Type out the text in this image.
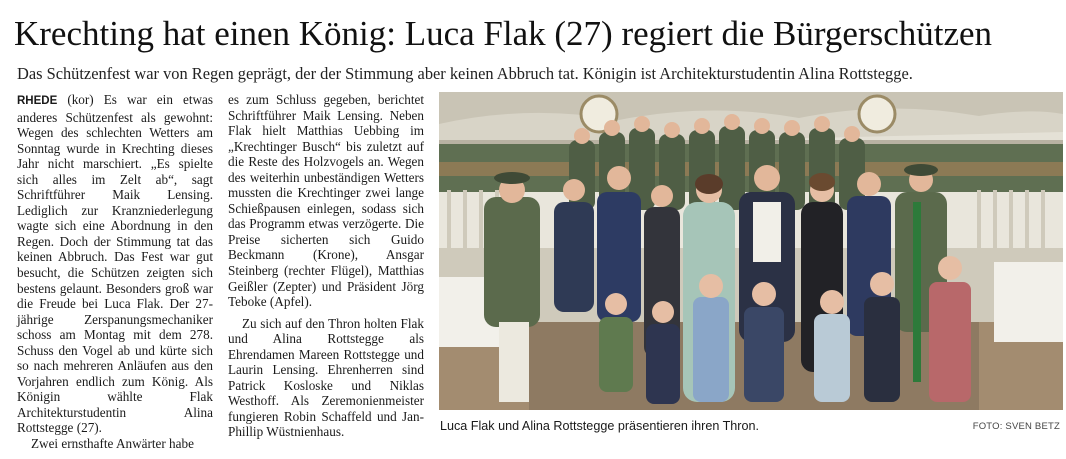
Krechting hat einen König: Luca Flak (27) regiert die Bürgerschützen
Das Schützenfest war von Regen geprägt, der der Stimmung aber keinen Abbruch tat. Königin ist Architekturstudentin Alina Rottstegge.

RHEDE (kor) Es war ein etwas anderes Schützenfest als gewohnt: Wegen des schlechten Wetters am Sonntag wurde in Krechting dieses Jahr nicht marschiert. „Es spielte sich alles im Zelt ab“, sagt Schriftführer Maik Lensing. Lediglich zur Kranzniederlegung wagte sich eine Abordnung in den Regen. Doch der Stimmung tat das keinen Abbruch. Das Fest war gut besucht, die Schützen zeigten sich bestens gelaunt. Besonders groß war die Freude bei Luca Flak. Der 27-jährige Zerspanungsmechaniker schoss am Montag mit dem 278. Schuss den Vogel ab und kürte sich so nach mehreren Anläufen aus den Vorjahren endlich zum König. Als Königin wählte Flak Architekturstudentin Alina Rottstegge (27).

Zwei ernsthafte Anwärter habe

es zum Schluss gegeben, berichtet Schriftführer Maik Lensing. Neben Flak hielt Matthias Uebbing im „Krechtinger Busch“ bis zuletzt auf die Reste des Holzvogels an. Wegen des weiterhin unbeständigen Wetters mussten die Krechtinger zwei lange Schießpausen einlegen, sodass sich das Programm etwas verzögerte. Die Preise sicherten sich Guido Beckmann (Krone), Ansgar Steinberg (rechter Flügel), Matthias Geißler (Zepter) und Präsident Jörg Teboke (Apfel).

Zu sich auf den Thron holten Flak und Alina Rottstegge als Ehrendamen Mareen Rottstegge und Laurin Lensing. Ehrenherren sind Patrick Kosloske und Niklas Westhoff. Als Zeremonienmeister fungieren Robin Schaffeld und Jan-Phillip Wüstnienhaus.	Luca Flak und Alina Rottstegge präsentieren ihren Thron.	FOTO: SVEN BETZ
